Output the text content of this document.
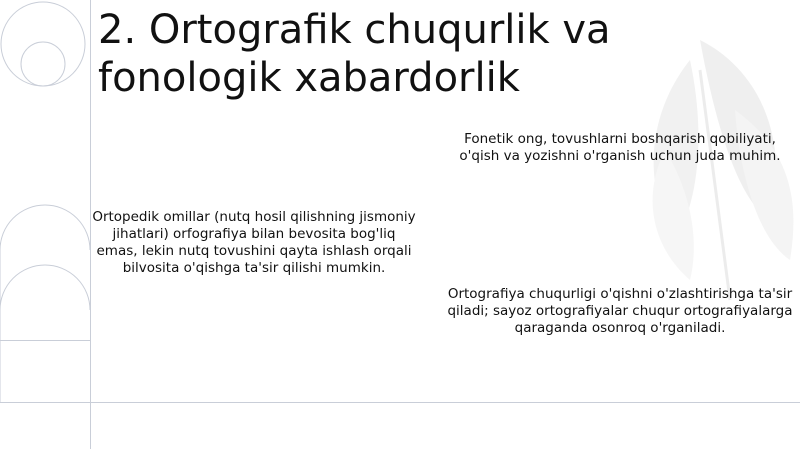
2. Ortografik chuqurlik va fonologik xabardorlik

Ortopedik omillar (nutq hosil qilishning jismoniy jihatlari) orfografiya bilan bevosita bog'liq emas, lekin nutq tovushini qayta ishlash orqali bilvosita o'qishga ta'sir qilishi mumkin.

Fonetik ong, tovushlarni boshqarish qobiliyati, o'qish va yozishni o'rganish uchun juda muhim.

Ortografiya chuqurligi o'qishni o'zlashtirishga ta'sir qiladi; sayoz ortografiyalar chuqur ortografiyalarga qaraganda osonroq o'rganiladi.
